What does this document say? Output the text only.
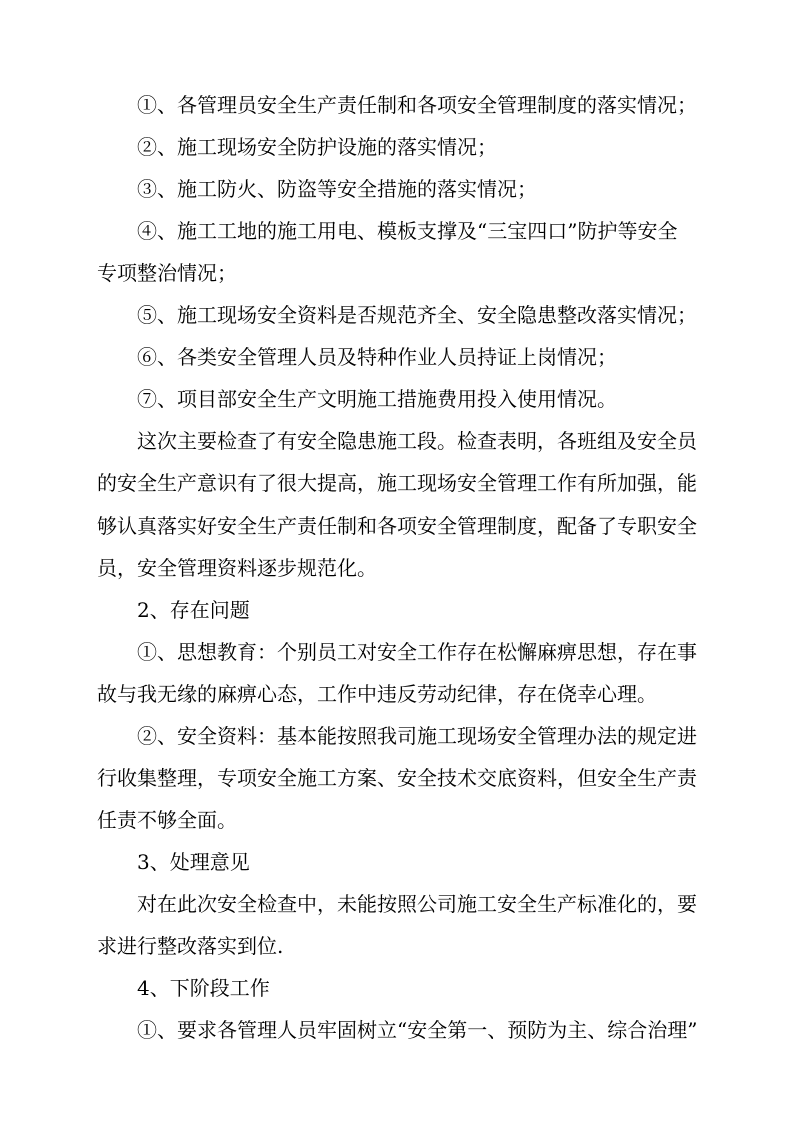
①、各管理员安全生产责任制和各项安全管理制度的落实情况；
②、施工现场安全防护设施的落实情况；
③、施工防火、防盗等安全措施的落实情况；
④、施工工地的施工用电、模板支撑及“三宝四口”防护等安全
专项整治情况；
⑤、施工现场安全资料是否规范齐全、安全隐患整改落实情况；
⑥、各类安全管理人员及特种作业人员持证上岗情况；
⑦、项目部安全生产文明施工措施费用投入使用情况。
这次主要检查了有安全隐患施工段。检查表明，各班组及安全员
的安全生产意识有了很大提高，施工现场安全管理工作有所加强，能
够认真落实好安全生产责任制和各项安全管理制度，配备了专职安全
员，安全管理资料逐步规范化。
2、存在问题
①、思想教育：个别员工对安全工作存在松懈麻痹思想，存在事
故与我无缘的麻痹心态，工作中违反劳动纪律，存在侥幸心理。
②、安全资料：基本能按照我司施工现场安全管理办法的规定进
行收集整理，专项安全施工方案、安全技术交底资料，但安全生产责
任责不够全面。
3、处理意见
对在此次安全检查中，未能按照公司施工安全生产标准化的，要
求进行整改落实到位.
4、下阶段工作
①、要求各管理人员牢固树立“安全第一、预防为主、综合治理”
